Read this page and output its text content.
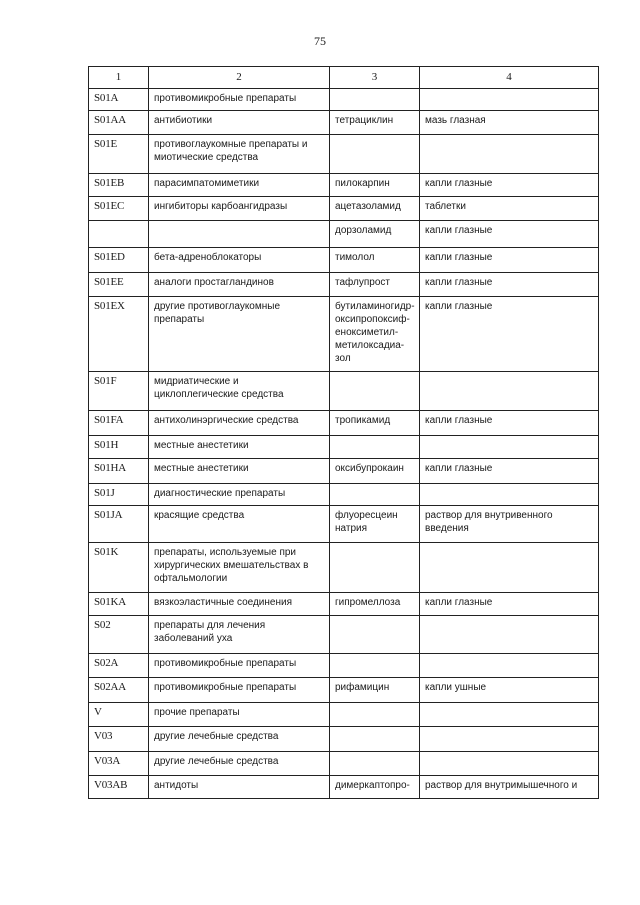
75
1	2	3	4
S01A	противомикробные препараты		
S01AA	антибиотики	тетрациклин	мазь глазная
S01E	противоглаукомные препараты и миотические средства		
S01EB	парасимпатомиметики	пилокарпин	капли глазные
S01EC	ингибиторы карбоангидразы	ацетазоламид	таблетки
		дорзоламид	капли глазные
S01ED	бета-адреноблокаторы	тимолол	капли глазные
S01EE	аналоги простагландинов	тафлупрост	капли глазные
S01EX	другие противоглаукомные препараты	бутиламиногидр-
оксипропоксиф-
еноксиметил-
метилоксадиа-
зол	капли глазные
S01F	мидриатические и циклоплегические средства		
S01FA	антихолинэргические средства	тропикамид	капли глазные
S01H	местные анестетики		
S01HA	местные анестетики	оксибупрокаин	капли глазные
S01J	диагностические препараты		
S01JA	красящие средства	флуоресцеин натрия	раствор для внутривенного введения
S01K	препараты, используемые при хирургических вмешательствах в офтальмологии		
S01KA	вязкоэластичные соединения	гипромеллоза	капли глазные
S02	препараты для лечения заболеваний уха		
S02A	противомикробные препараты		
S02AA	противомикробные препараты	рифамицин	капли ушные
V	прочие препараты		
V03	другие лечебные средства		
V03A	другие лечебные средства		
V03AB	антидоты	димеркаптопро-	раствор для внутримышечного и
